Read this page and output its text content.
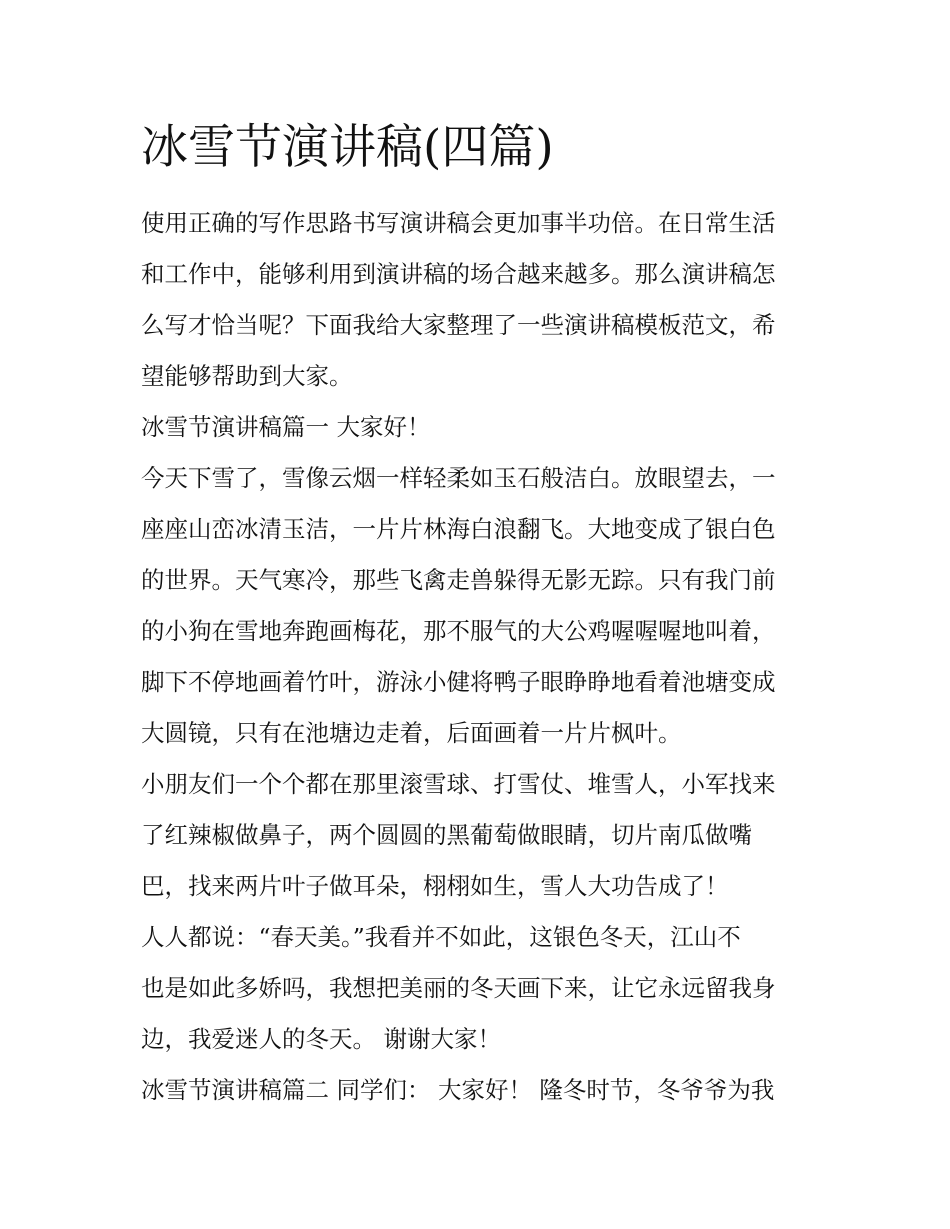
冰雪节演讲稿(四篇)
使用正确的写作思路书写演讲稿会更加事半功倍。在日常生活
和工作中，能够利用到演讲稿的场合越来越多。那么演讲稿怎
么写才恰当呢？下面我给大家整理了一些演讲稿模板范文，希
望能够帮助到大家。
冰雪节演讲稿篇一 大家好！
今天下雪了，雪像云烟一样轻柔如玉石般洁白。放眼望去，一
座座山峦冰清玉洁，一片片林海白浪翻飞。大地变成了银白色
的世界。天气寒冷，那些飞禽走兽躲得无影无踪。只有我门前
的小狗在雪地奔跑画梅花，那不服气的大公鸡喔喔喔地叫着，
脚下不停地画着竹叶，游泳小健将鸭子眼睁睁地看着池塘变成
大圆镜，只有在池塘边走着，后面画着一片片枫叶。
小朋友们一个个都在那里滚雪球、打雪仗、堆雪人，小军找来
了红辣椒做鼻子，两个圆圆的黑葡萄做眼睛，切片南瓜做嘴
巴，找来两片叶子做耳朵，栩栩如生，雪人大功告成了！
人人都说：“春天美。”我看并不如此，这银色冬天，江山不
也是如此多娇吗，我想把美丽的冬天画下来，让它永远留我身
边，我爱迷人的冬天。 谢谢大家！
冰雪节演讲稿篇二 同学们： 大家好！ 隆冬时节，冬爷爷为我
